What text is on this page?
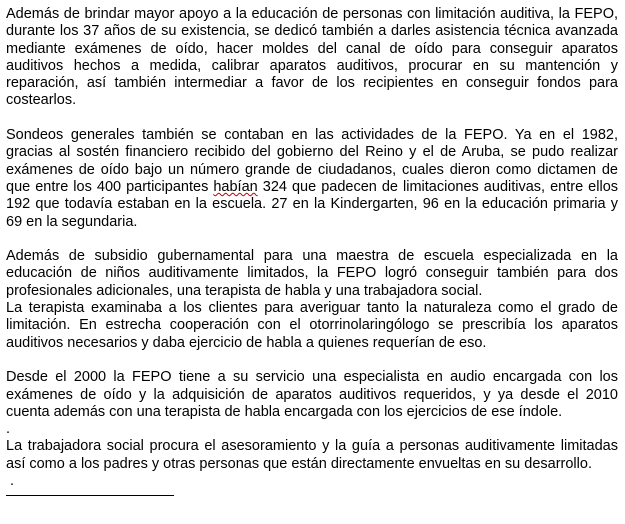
Además de brindar mayor apoyo a la educación de personas con limitación auditiva, la FEPO, durante los 37 años de su existencia, se dedicó también a darles asistencia técnica avanzada mediante exámenes de oído, hacer moldes del canal de oído para conseguir aparatos auditivos hechos a medida, calibrar aparatos auditivos, procurar en su mantención y reparación, así también intermediar a favor de los recipientes en conseguir fondos para costearlos.

Sondeos generales también se contaban en las actividades de la FEPO. Ya en el 1982, gracias al sostén financiero recibido del gobierno del Reino y el de Aruba, se pudo realizar exámenes de oído bajo un número grande de ciudadanos, cuales dieron como dictamen de que entre los 400 participantes habían 324 que padecen de limitaciones auditivas, entre ellos 192 que todavía estaban en la escuela. 27 en la Kindergarten, 96 en la educación primaria y 69 en la segundaria.

Además de subsidio gubernamental para una maestra de escuela especializada en la educación de niños auditivamente limitados, la FEPO logró conseguir también para dos profesionales adicionales, una terapista de habla y una trabajadora social.

La terapista examinaba a los clientes para averiguar tanto la naturaleza como el grado de limitación. En estrecha cooperación con el otorrinolaringólogo se prescribía los aparatos auditivos necesarios y daba ejercicio de habla a quienes requerían de eso.

Desde el 2000 la FEPO tiene a su servicio una especialista en audio encargada con los exámenes de oído y la adquisición de aparatos auditivos requeridos, y ya desde el 2010 cuenta además con una terapista de habla encargada con los ejercicios de ese índole.

.

La trabajadora social procura el asesoramiento y la guía a personas auditivamente limitadas así como a los padres y otras personas que están directamente envueltas en su desarrollo.

.
